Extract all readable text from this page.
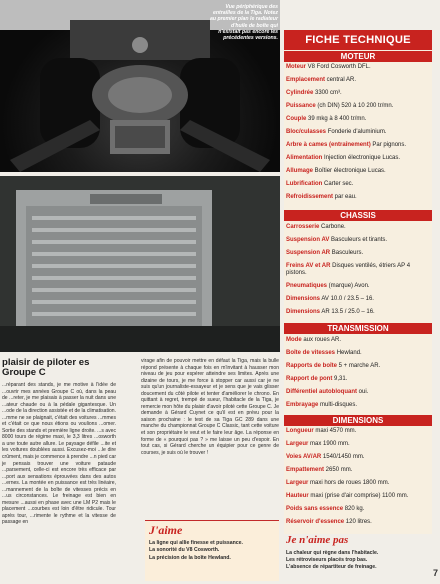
Vue périphérique des entrailles de la Tiga. Notez au premier plan le radiateur d'huile de boîte qui n'existait pas encore les précédentes versions.
plaisir de piloter es Groupe C
...réparant des stands, je me motive à l'idée de ...ouvrir mes années Groupe C où, dans la peau de ...reter, je me plaisais à passer la nuit dans une ...ateur chaude ou à la pédale gigantesque. Un ...ode de la direction assistée et de la climatisation. ...mme ne se plaignait, c'était des voitures ...mmes et c'était ce que nous étions ou voulions ...omer. Sortie des stands et première ligne droite. ...s avec 8000 tours de régime maxi, le 3,3 litres ...osworth a une toute autre allure. Le paysage défile ...ite et les voitures doublées aussi. Excusez-moi ...le dire crûment, mais je commence à prendre ...n pied car je pensais trouver une voiture pataude ...parsement, celle-ci est encore très efficace par ...port aux sensations éprouvées dans des autos ...ernes. La montée en puissance est très linéaire, ...mannement de la boîte de vitesses précis en ...us circonstances. Le freinage est bien en mesure ...aussi en phase avec une LM P2 mais le placement ...courbes est loin d'être ridicule. Tour après tour, ...rimente le rythme et la vitesse de passage en
virage afin de pouvoir mettre en défaut la Tiga, mais la bulle répond présente à chaque fois en m'invitant à hausser mon niveau de jeu pour espérer atteindre ses limites. Après une dizaine de tours, je me force à stopper car aussi car je ne suis qu'un journaliste-essayeur et je sens que je vais glisser doucement du côté pilote et tenter d'améliorer le chrono. En quittant à regret, trempé de sueur, l'habitacle de la Tiga, je remercie mon hôte du plaisir d'avoir piloté cette Groupe C. Je demande à Gérard Cuynet ce qu'il est en prévu pour la saison prochaine : le test de sa Tiga GC 289 dans une manche du championnat Groupe C Classic, tant cette voiture et son propriétaire le veut et le faire leur âge. La réponse en forme de « pourquoi pas ? » me laisse un peu d'espoir. En tout cas, si Gérard cherche un équipier pour ce genre de courses, je suis où le trouver !
J'aime
La ligne qui allie finesse et puissance.
La sonorité du V8 Cosworth.
La précision de la boîte Hewland.
FICHE TECHNIQUE
MOTEUR
Moteur V8 Ford Cosworth DFL.
Emplacement central AR.
Cylindrée 3300 cm³.
Puissance (ch DIN) 520 à 10 200 tr/mn.
Couple 39 mkg à 8 400 tr/mn.
Bloc/culasses Fonderie d'aluminium.
Arbre à cames (entraînement) Par pignons.
Alimentation Injection électronique Lucas.
Allumage Boîtier électronique Lucas.
Lubrification Carter sec.
Refroidissement par eau.
CHASSIS
Carrosserie Carbone.
Suspension AV Basculeurs et tirants.
Suspension AR Basculeurs.
Freins AV et AR Disques ventilés, étriers AP 4 pistons.
Pneumatiques (marque) Avon.
Dimensions AV 10.0 / 23.5 – 16.
Dimensions AR 13.5 / 25.0 – 16.
TRANSMISSION
Mode aux roues AR.
Boîte de vitesses Hewland.
Rapports de boîte 5 + marche AR.
Rapport de pont 9,31.
Différentiel autobloquant oui.
Embrayage multi-disques.
DIMENSIONS
Longueur maxi 4570 mm.
Largeur max 1900 mm.
Voies AV/AR 1540/1450 mm.
Empattement 2650 mm.
Largeur maxi hors de roues 1800 mm.
Hauteur maxi (prise d'air comprise) 1100 mm.
Poids sans essence 820 kg.
Réservoir d'essence 120 litres.
Je n'aime pas
La chaleur qui règne dans l'habitacle.
Les rétroviseurs placés trop bas.
L'absence de répartiteur de freinage.
7
